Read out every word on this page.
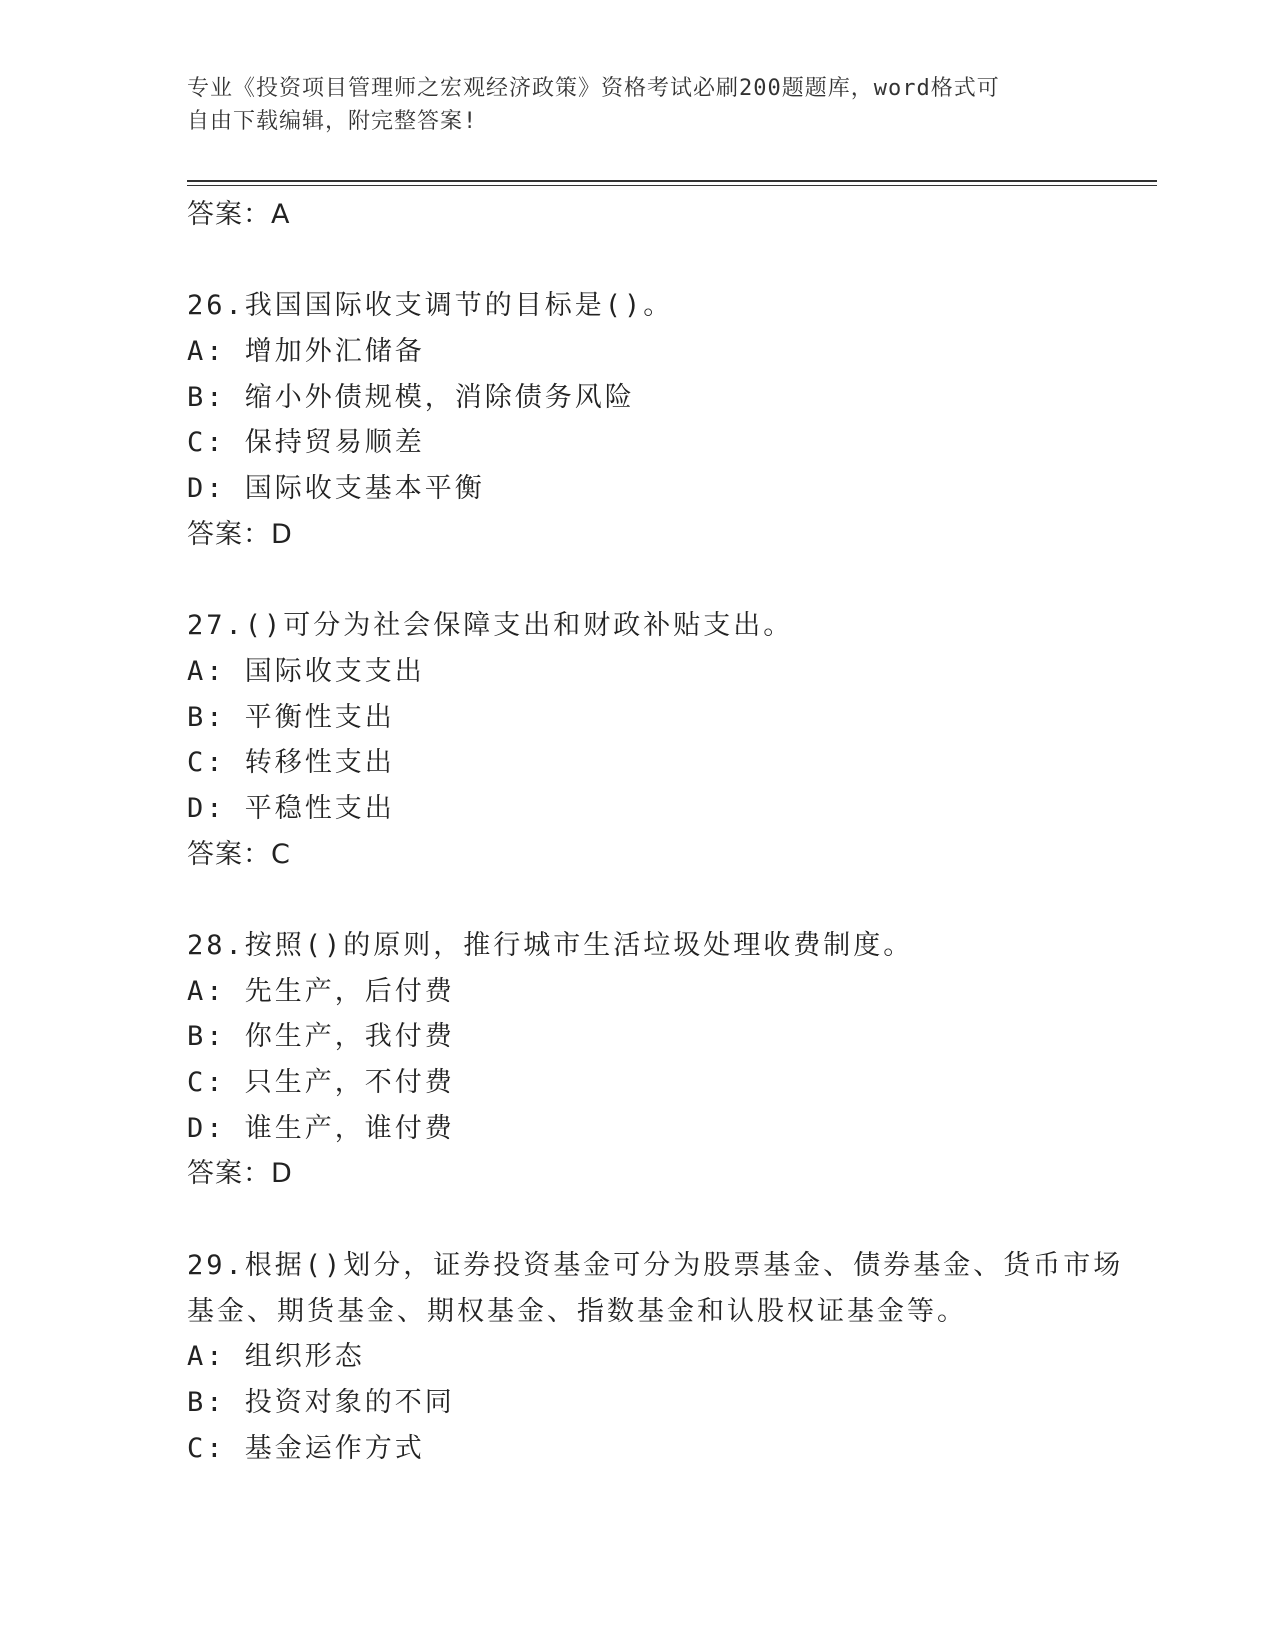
专业《投资项目管理师之宏观经济政策》资格考试必刷200题题库，word格式可
自由下载编辑，附完整答案!
答案：A
26.我国国际收支调节的目标是()。
A: 增加外汇储备
B: 缩小外债规模，消除债务风险
C: 保持贸易顺差
D: 国际收支基本平衡
答案：D
27.()可分为社会保障支出和财政补贴支出。
A: 国际收支支出
B: 平衡性支出
C: 转移性支出
D: 平稳性支出
答案：C
28.按照()的原则，推行城市生活垃圾处理收费制度。
A: 先生产，后付费
B: 你生产，我付费
C: 只生产，不付费
D: 谁生产，谁付费
答案：D
29.根据()划分，证券投资基金可分为股票基金、债券基金、货币市场
基金、期货基金、期权基金、指数基金和认股权证基金等。
A: 组织形态
B: 投资对象的不同
C: 基金运作方式
